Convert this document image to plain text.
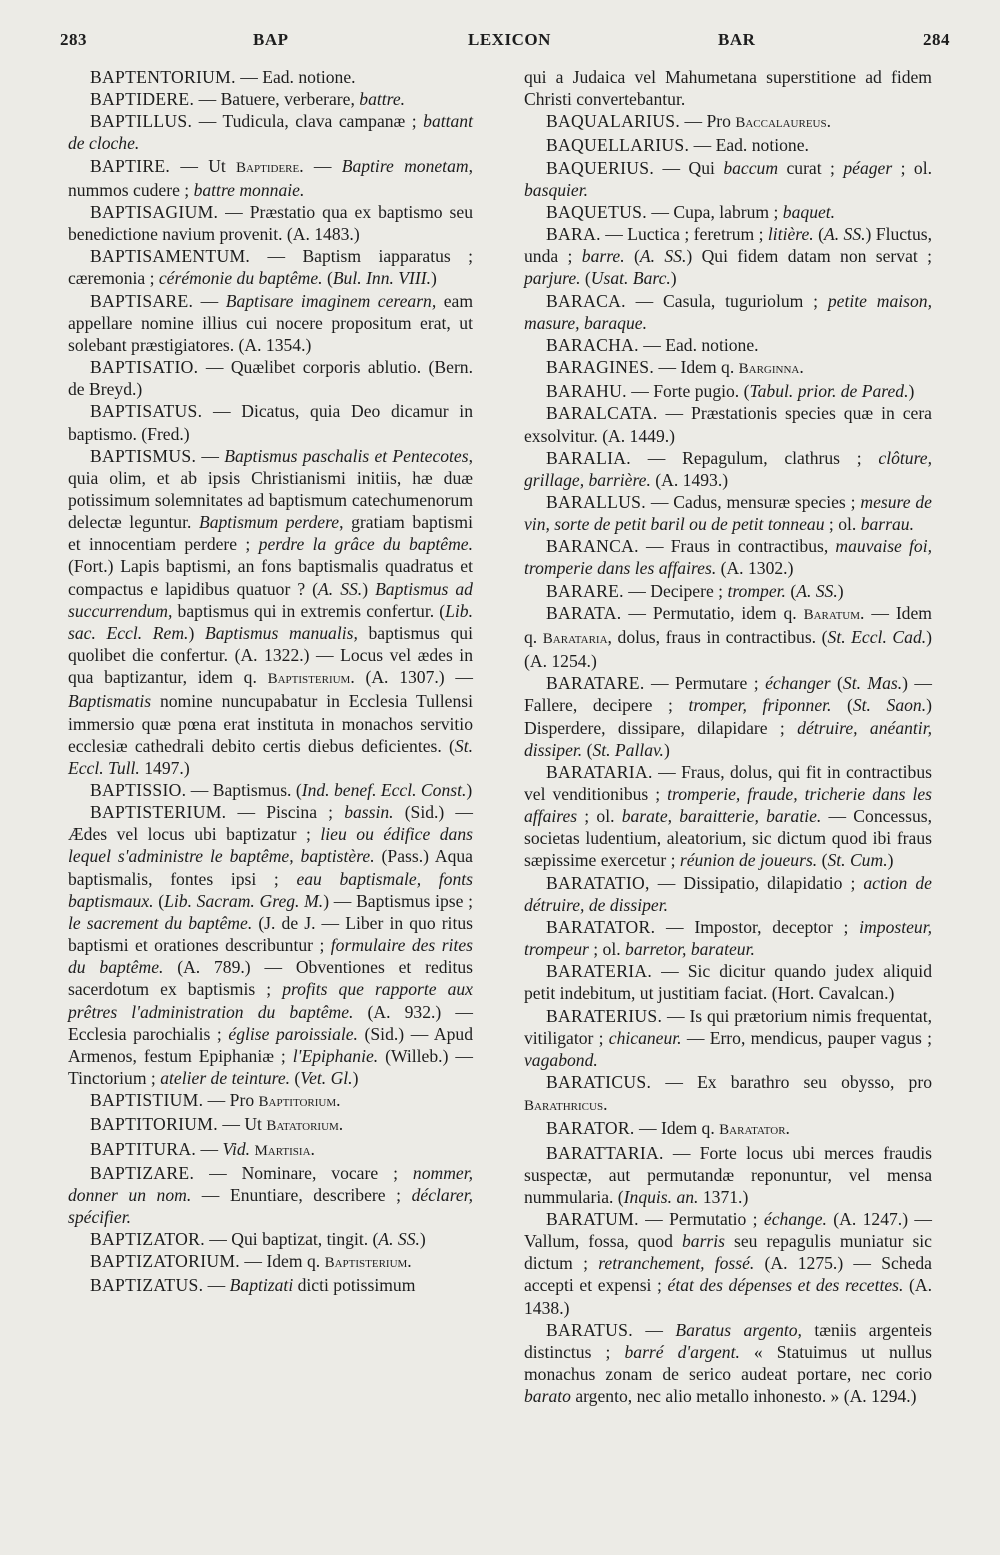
283	BAP	LEXICON	BAR	284

BAPTENTORIUM. — Ead. notione.

BAPTIDERE. — Batuere, verberare, battre.

BAPTILLUS. — Tudicula, clava campanæ ; battant de cloche.

BAPTIRE. — Ut Baptidere. — Baptire monetam, nummos cudere ; battre monnaie.

BAPTISAGIUM. — Præstatio qua ex baptismo seu benedictione navium provenit. (A. 1483.)

BAPTISAMENTUM. — Baptism iapparatus ; cæremonia ; cérémonie du baptême. (Bul. Inn. VIII.)

BAPTISARE. — Baptisare imaginem cerearn, eam appellare nomine illius cui nocere propositum erat, ut solebant præstigiatores. (A. 1354.)

BAPTISATIO. — Quælibet corporis ablutio. (Bern. de Breyd.)

BAPTISATUS. — Dicatus, quia Deo dicamur in baptismo. (Fred.)

BAPTISMUS. — Baptismus paschalis et Pentecotes, quia olim, et ab ipsis Christianismi initiis, hæ duæ potissimum solemnitates ad baptismum catechumenorum delectæ leguntur. Baptismum perdere, gratiam baptismi et innocentiam perdere ; perdre la grâce du baptême. (Fort.) Lapis baptismi, an fons baptismalis quadratus et compactus e lapidibus quatuor ? (A. SS.) Baptismus ad succurrendum, baptismus qui in extremis confertur. (Lib. sac. Eccl. Rem.) Baptismus manualis, baptismus qui quolibet die confertur. (A. 1322.) — Locus vel ædes in qua baptizantur, idem q. Baptisterium. (A. 1307.) — Baptismatis nomine nuncupabatur in Ecclesia Tullensi immersio quæ pœna erat instituta in monachos servitio ecclesiæ cathedrali debito certis diebus deficientes. (St. Eccl. Tull. 1497.)

BAPTISSIO. — Baptismus. (Ind. benef. Eccl. Const.)

BAPTISTERIUM. — Piscina ; bassin. (Sid.) — Ædes vel locus ubi baptizatur ; lieu ou édifice dans lequel s'administre le baptême, baptistère. (Pass.) Aqua baptismalis, fontes ipsi ; eau baptismale, fonts baptismaux. (Lib. Sacram. Greg. M.) — Baptismus ipse ; le sacrement du baptême. (J. de J. — Liber in quo ritus baptismi et orationes describuntur ; formulaire des rites du baptême. (A. 789.) — Obventiones et reditus sacerdotum ex baptismis ; profits que rapporte aux prêtres l'administration du baptême. (A. 932.) — Ecclesia parochialis ; église paroissiale. (Sid.) — Apud Armenos, festum Epiphaniæ ; l'Epiphanie. (Willeb.) — Tinctorium ; atelier de teinture. (Vet. Gl.)

BAPTISTIUM. — Pro Baptitorium.

BAPTITORIUM. — Ut Batatorium.

BAPTITURA. — Vid. Martisia.

BAPTIZARE. — Nominare, vocare ; nommer, donner un nom. — Enuntiare, describere ; déclarer, spécifier.

BAPTIZATOR. — Qui baptizat, tingit. (A. SS.)

BAPTIZATORIUM. — Idem q. Baptisterium.

BAPTIZATUS. — Baptizati dicti potissimum

qui a Judaica vel Mahumetana superstitione ad fidem Christi convertebantur.

BAQUALARIUS. — Pro Baccalaureus.

BAQUELLARIUS. — Ead. notione.

BAQUERIUS. — Qui baccum curat ; péager ; ol. basquier.

BAQUETUS. — Cupa, labrum ; baquet.

BARA. — Luctica ; feretrum ; litière. (A. SS.) Fluctus, unda ; barre. (A. SS.) Qui fidem datam non servat ; parjure. (Usat. Barc.)

BARACA. — Casula, tuguriolum ; petite maison, masure, baraque.

BARACHA. — Ead. notione.

BARAGINES. — Idem q. Barginna.

BARAHU. — Forte pugio. (Tabul. prior. de Pared.)

BARALCATA. — Præstationis species quæ in cera exsolvitur. (A. 1449.)

BARALIA. — Repagulum, clathrus ; clôture, grillage, barrière. (A. 1493.)

BARALLUS. — Cadus, mensuræ species ; mesure de vin, sorte de petit baril ou de petit tonneau ; ol. barrau.

BARANCA. — Fraus in contractibus, mauvaise foi, tromperie dans les affaires. (A. 1302.)

BARARE. — Decipere ; tromper. (A. SS.)

BARATA. — Permutatio, idem q. Baratum. — Idem q. Barataria, dolus, fraus in contractibus. (St. Eccl. Cad.) (A. 1254.)

BARATARE. — Permutare ; échanger (St. Mas.) — Fallere, decipere ; tromper, friponner. (St. Saon.) Disperdere, dissipare, dilapidare ; détruire, anéantir, dissiper. (St. Pallav.)

BARATARIA. — Fraus, dolus, qui fit in contractibus vel venditionibus ; tromperie, fraude, tricherie dans les affaires ; ol. barate, baraitterie, baratie. — Concessus, societas ludentium, aleatorium, sic dictum quod ibi fraus sæpissime exercetur ; réunion de joueurs. (St. Cum.)

BARATATIO, — Dissipatio, dilapidatio ; action de détruire, de dissiper.

BARATATOR. — Impostor, deceptor ; imposteur, trompeur ; ol. barretor, barateur.

BARATERIA. — Sic dicitur quando judex aliquid petit indebitum, ut justitiam faciat. (Hort. Cavalcan.)

BARATERIUS. — Is qui prætorium nimis frequentat, vitiligator ; chicaneur. — Erro, mendicus, pauper vagus ; vagabond.

BARATICUS. — Ex barathro seu obysso, pro Barathricus.

BARATOR. — Idem q. Baratator.

BARATTARIA. — Forte locus ubi merces fraudis suspectæ, aut permutandæ reponuntur, vel mensa nummularia. (Inquis. an. 1371.)

BARATUM. — Permutatio ; échange. (A. 1247.) — Vallum, fossa, quod barris seu repagulis muniatur sic dictum ; retranchement, fossé. (A. 1275.) — Scheda accepti et expensi ; état des dépenses et des recettes. (A. 1438.)

BARATUS. — Baratus argento, tæniis argenteis distinctus ; barré d'argent. « Statuimus ut nullus monachus zonam de serico audeat portare, nec corio barato argento, nec alio metallo inhonesto. » (A. 1294.)
